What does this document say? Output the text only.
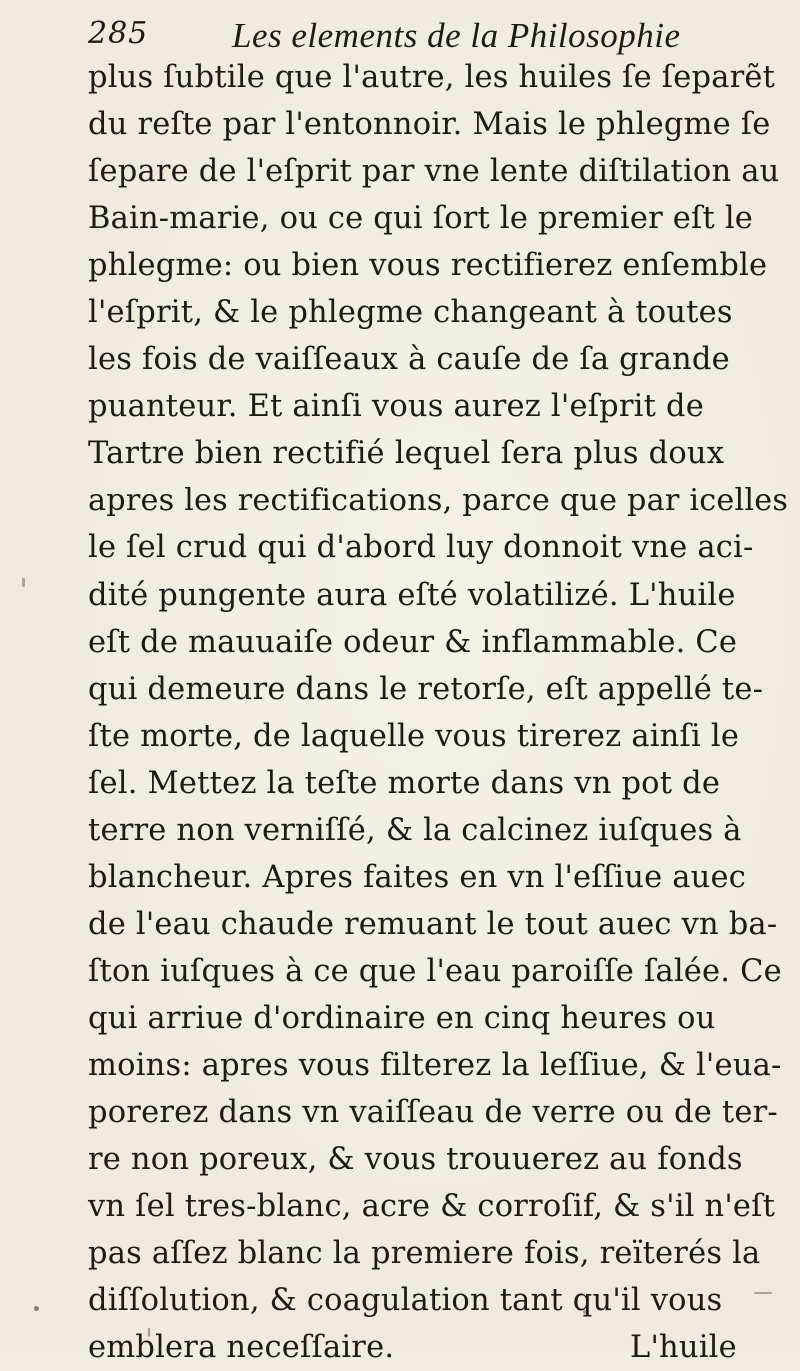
285 Les elements de la Philosophie
plus ſubtile que l'autre, les huiles ſe ſeparẽt
du reſte par l'entonnoir. Mais le phlegme ſe
ſepare de l'eſprit par vne lente diſtilation au
Bain-marie, ou ce qui ſort le premier eſt le
phlegme: ou bien vous rectifierez enſemble
l'eſprit, & le phlegme changeant à toutes
les fois de vaiſſeaux à cauſe de ſa grande
puanteur. Et ainſi vous aurez l'eſprit de
Tartre bien rectifié lequel ſera plus doux
apres les rectifications, parce que par icelles
le ſel crud qui d'abord luy donnoit vne aci-
dité pungente aura eſté volatilizé. L'huile
eſt de mauuaiſe odeur & inflammable. Ce
qui demeure dans le retorſe, eſt appellé te-
ſte morte, de laquelle vous tirerez ainſi le
ſel. Mettez la teſte morte dans vn pot de
terre non verniſſé, & la calcinez iuſques à
blancheur. Apres faites en vn l'eſſiue auec
de l'eau chaude remuant le tout auec vn ba-
ſton iuſques à ce que l'eau paroiſſe ſalée. Ce
qui arriue d'ordinaire en cinq heures ou
moins: apres vous filterez la leſſiue, & l'eua-
porerez dans vn vaiſſeau de verre ou de ter-
re non poreux, & vous trouuerez au fonds
vn ſel tres-blanc, acre & corroſif, & s'il n'eſt
pas aſſez blanc la premiere fois, reïterés la
diſſolution, & coagulation tant qu'il vous
emblera neceſſaire.	L'huile
